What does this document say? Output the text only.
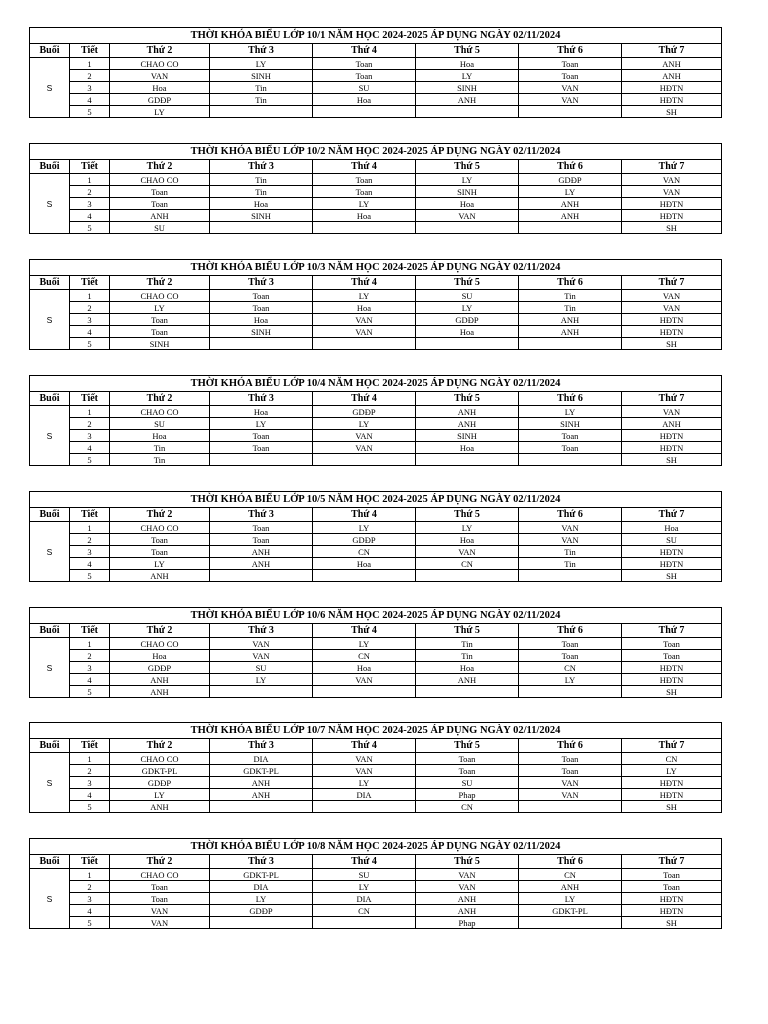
THỜI KHÓA BIỂU LỚP 10/1 NĂM HỌC 2024-2025 ÁP DỤNG NGÀY 02/11/2024							
Buổi	Tiết	Thứ 2	Thứ 3	Thứ 4	Thứ 5	Thứ 6	Thứ 7
S	1	CHAO CO	LY	Toan	Hoa	Toan	ANH
	2	VAN	SINH	Toan	LY	Toan	ANH
	3	Hoa	Tin	SU	SINH	VAN	HĐTN
	4	GDĐP	Tin	Hoa	ANH	VAN	HĐTN
	5	LY					SH
THỜI KHÓA BIỂU LỚP 10/2 NĂM HỌC 2024-2025 ÁP DỤNG NGÀY 02/11/2024							
Buổi	Tiết	Thứ 2	Thứ 3	Thứ 4	Thứ 5	Thứ 6	Thứ 7
S	1	CHAO CO	Tin	Toan	LY	GDĐP	VAN
	2	Toan	Tin	Toan	SINH	LY	VAN
	3	Toan	Hoa	LY	Hoa	ANH	HĐTN
	4	ANH	SINH	Hoa	VAN	ANH	HĐTN
	5	SU					SH
THỜI KHÓA BIỂU LỚP 10/3 NĂM HỌC 2024-2025 ÁP DỤNG NGÀY 02/11/2024							
Buổi	Tiết	Thứ 2	Thứ 3	Thứ 4	Thứ 5	Thứ 6	Thứ 7
S	1	CHAO CO	Toan	LY	SU	Tin	VAN
	2	LY	Toan	Hoa	LY	Tin	VAN
	3	Toan	Hoa	VAN	GDĐP	ANH	HĐTN
	4	Toan	SINH	VAN	Hoa	ANH	HĐTN
	5	SINH					SH
THỜI KHÓA BIỂU LỚP 10/4 NĂM HỌC 2024-2025 ÁP DỤNG NGÀY 02/11/2024							
Buổi	Tiết	Thứ 2	Thứ 3	Thứ 4	Thứ 5	Thứ 6	Thứ 7
S	1	CHAO CO	Hoa	GDĐP	ANH	LY	VAN
	2	SU	LY	LY	ANH	SINH	ANH
	3	Hoa	Toan	VAN	SINH	Toan	HĐTN
	4	Tin	Toan	VAN	Hoa	Toan	HĐTN
	5	Tin					SH
THỜI KHÓA BIỂU LỚP 10/5 NĂM HỌC 2024-2025 ÁP DỤNG NGÀY 02/11/2024							
Buổi	Tiết	Thứ 2	Thứ 3	Thứ 4	Thứ 5	Thứ 6	Thứ 7
S	1	CHAO CO	Toan	LY	LY	VAN	Hoa
	2	Toan	Toan	GDĐP	Hoa	VAN	SU
	3	Toan	ANH	CN	VAN	Tin	HĐTN
	4	LY	ANH	Hoa	CN	Tin	HĐTN
	5	ANH					SH
THỜI KHÓA BIỂU LỚP 10/6 NĂM HỌC 2024-2025 ÁP DỤNG NGÀY 02/11/2024							
Buổi	Tiết	Thứ 2	Thứ 3	Thứ 4	Thứ 5	Thứ 6	Thứ 7
S	1	CHAO CO	VAN	LY	Tin	Toan	Toan
	2	Hoa	VAN	CN	Tin	Toan	Toan
	3	GDĐP	SU	Hoa	Hoa	CN	HĐTN
	4	ANH	LY	VAN	ANH	LY	HĐTN
	5	ANH					SH
THỜI KHÓA BIỂU LỚP 10/7 NĂM HỌC 2024-2025 ÁP DỤNG NGÀY 02/11/2024							
Buổi	Tiết	Thứ 2	Thứ 3	Thứ 4	Thứ 5	Thứ 6	Thứ 7
S	1	CHAO CO	DIA	VAN	Toan	Toan	CN
	2	GDKT-PL	GDKT-PL	VAN	Toan	Toan	LY
	3	GDĐP	ANH	LY	SU	VAN	HĐTN
	4	LY	ANH	DIA	Phap	VAN	HĐTN
	5	ANH			CN		SH
THỜI KHÓA BIỂU LỚP 10/8 NĂM HỌC 2024-2025 ÁP DỤNG NGÀY 02/11/2024							
Buổi	Tiết	Thứ 2	Thứ 3	Thứ 4	Thứ 5	Thứ 6	Thứ 7
S	1	CHAO CO	GDKT-PL	SU	VAN	CN	Toan
	2	Toan	DIA	LY	VAN	ANH	Toan
	3	Toan	LY	DIA	ANH	LY	HĐTN
	4	VAN	GDĐP	CN	ANH	GDKT-PL	HĐTN
	5	VAN			Phap		SH
